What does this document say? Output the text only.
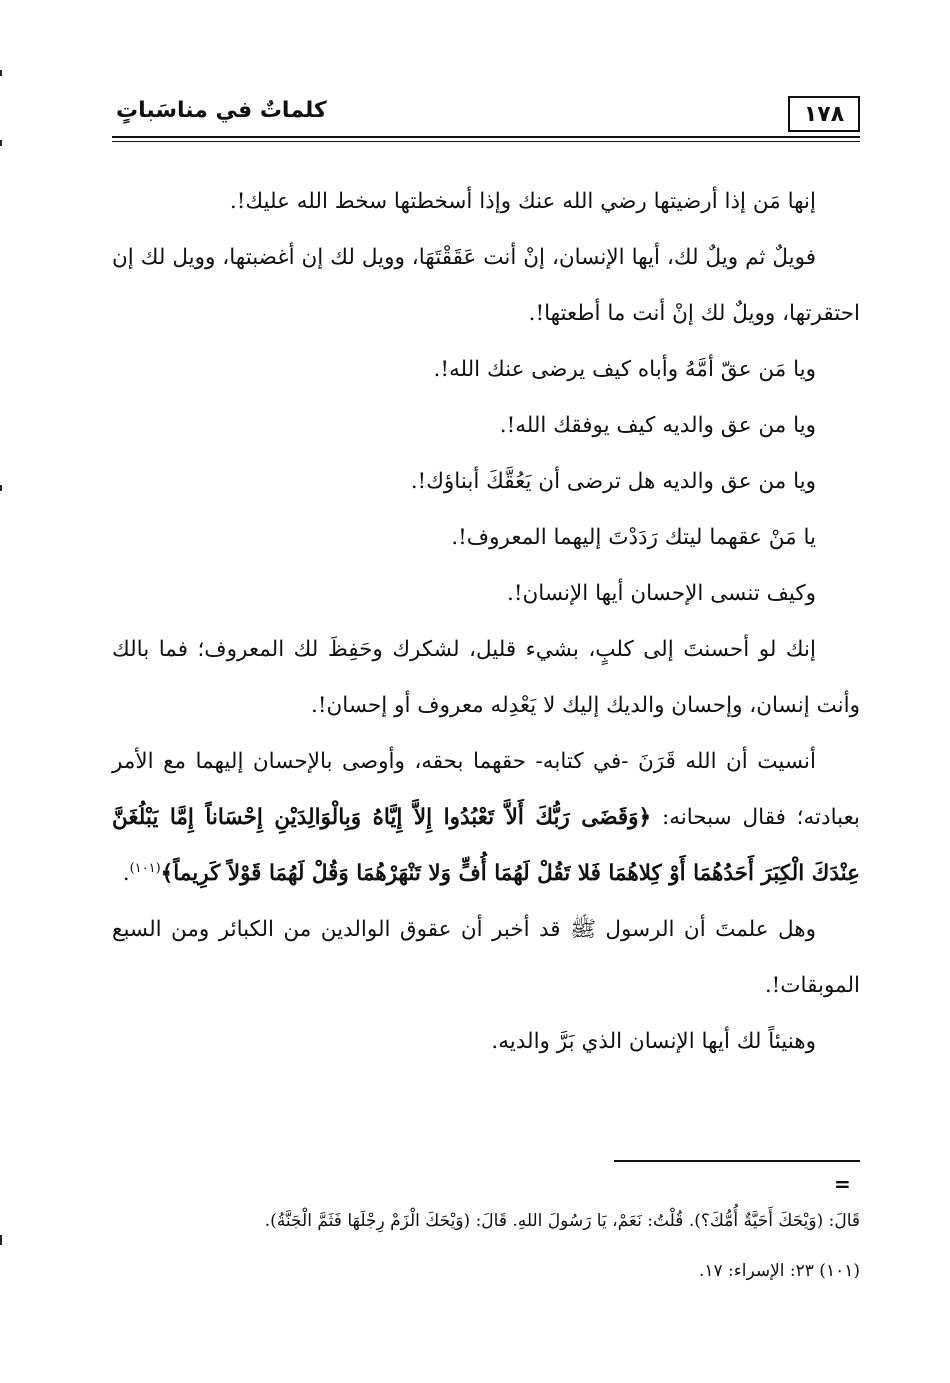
١٧٨
كلماتٌ في مناسَباتٍ

إنها مَن إذا أرضيتها رضي الله عنك وإذا أسخطتها سخط الله عليك!.

فويلٌ ثم ويلٌ لك، أيها الإنسان، إنْ أنت عَقَقْتَهَا، وويل لك إن أغضبتها، وويل لك إن احتقرتها، وويلٌ لك إنْ أنت ما أطعتها!.

ويا مَن عقّ أمَّهُ وأباه كيف يرضى عنك الله!.

ويا من عق والديه كيف يوفقك الله!.

ويا من عق والديه هل ترضى أن يَعُقَّكَ أبناؤك!.

يا مَنْ عقهما ليتك رَدَدْتَ إليهما المعروف!.

وكيف تنسى الإحسان أيها الإنسان!.

إنك لو أحسنتَ إلى كلبٍ، بشيء قليل، لشكرك وحَفِظَ لك المعروف؛ فما بالك وأنت إنسان، وإحسان والديك إليك لا يَعْدِله معروف أو إحسان!.

أنسيت أن الله قَرَنَ -في كتابه- حقهما بحقه، وأوصى بالإحسان إليهما مع الأمر بعبادته؛ فقال سبحانه: ﴿وَقَضَى رَبُّكَ أَلاَّ تَعْبُدُوا إِلاَّ إِيَّاهُ وَبِالْوَالِدَيْنِ إِحْسَاناً إِمَّا يَبْلُغَنَّ عِنْدَكَ الْكِبَرَ أَحَدُهُمَا أَوْ كِلاهُمَا فَلا تَقُلْ لَهُمَا أُفٍّ وَلا تَنْهَرْهُمَا وَقُلْ لَهُمَا قَوْلاً كَرِيماً﴾$^{(١٠١)}$.

وهل علمتَ أن الرسول ﷺ قد أخبر أن عقوق الوالدين من الكبائر ومن السبع الموبقات!.

وهنيئاً لك أيها الإنسان الذي بَرَّ والديه.

=

قَالَ: (وَيْحَكَ أَحَيَّةٌ أُمُّكَ؟). قُلْتُ: نَعَمْ، يَا رَسُولَ اللهِ. قَالَ: (وَيْحَكَ الْزَمْ رِجْلَهَا فَثَمَّ الْجَنَّةُ).

(١٠١) ٢٣: الإسراء: ١٧.
